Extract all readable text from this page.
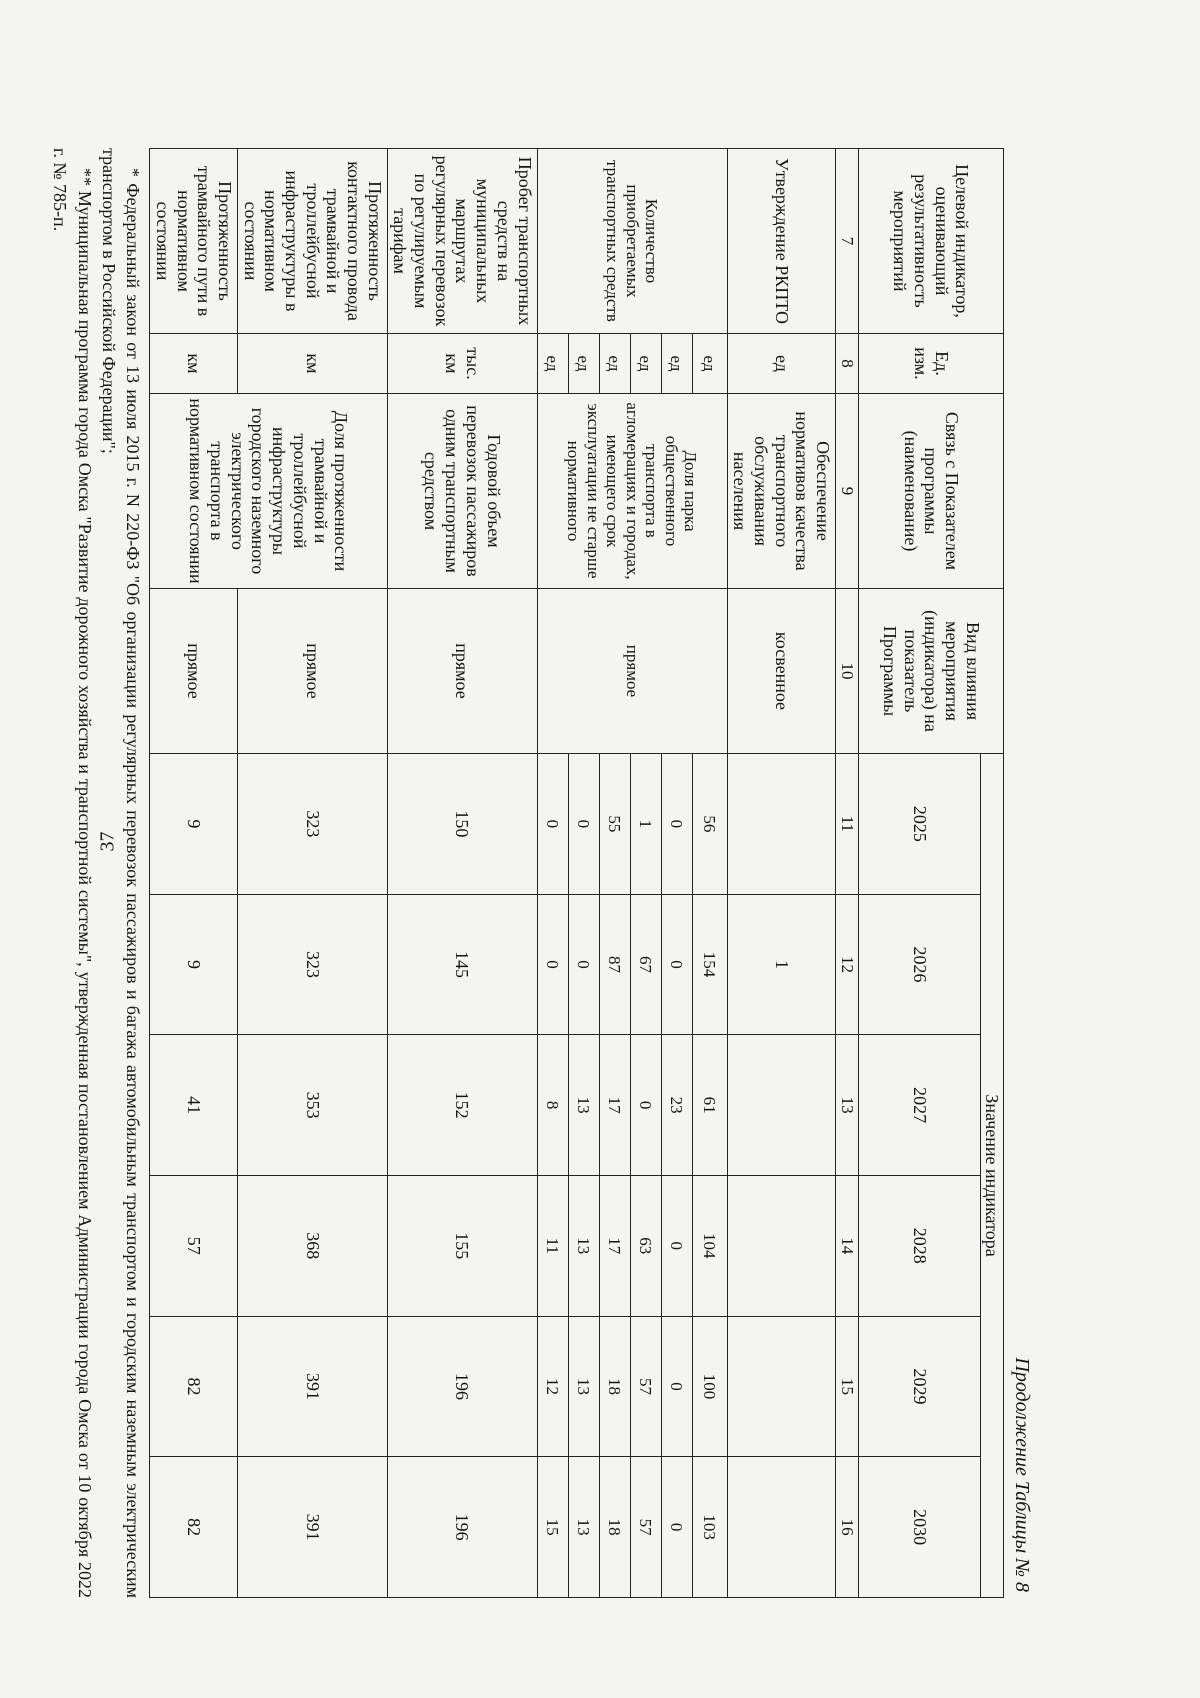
37
Продолжение Таблицы № 8
Целевой индикатор, оценивающий результативность мероприятий	Ед. изм.	Связь с Показателем программы (наименование)	Вид влияния мероприятия (индикатора) на показатель Программы	Значение индикатора					
				2025	2026	2027	2028	2029	2030
7	8	9	10	11	12	13	14	15	16
Утверждение РКПТО	ед	Обеспечение нормативов качества транспортного обслуживания населения	косвенное		1				
Количество приобретаемых транспортных средств	ед	Доля парка общественного транспорта в агломерациях и городах, имеющего срок эксплуатации не старше нормативного	прямое	56	154	61	104	100	103
	ед			0	0	23	0	0	0
	ед			1	67	0	63	57	57
	ед			55	87	17	17	18	18
	ед			0	0	13	13	13	13
	ед			0	0	8	11	12	15
Пробег транспортных средств на муниципальных маршрутах регулярных перевозок по регулируемым тарифам	тыс. км	Годовой объем перевозок пассажиров одним транспортным средством	прямое	150	145	152	155	196	196
Протяженность контактного провода трамвайной и троллейбусной инфраструктуры в нормативном состоянии	км	Доля протяженности трамвайной и троллейбусной инфраструктуры городского наземного электрического транспорта в нормативном состоянии	прямое	323	323	353	368	391	391
Протяженность трамвайного пути в нормативном состоянии	км		прямое	9	9	41	57	82	82
* Федеральный закон от 13 июля 2015 г. N 220-ФЗ "Об организации регулярных перевозок пассажиров и багажа автомобильным транспортом и городским наземным электрическим транспортом в Российской Федерации";
** Муниципальная программа города Омска "Развитие дорожного хозяйства и транспортной системы", утвержденная постановлением Администрации города Омска от 10 октября 2022 г. № 785-п.
